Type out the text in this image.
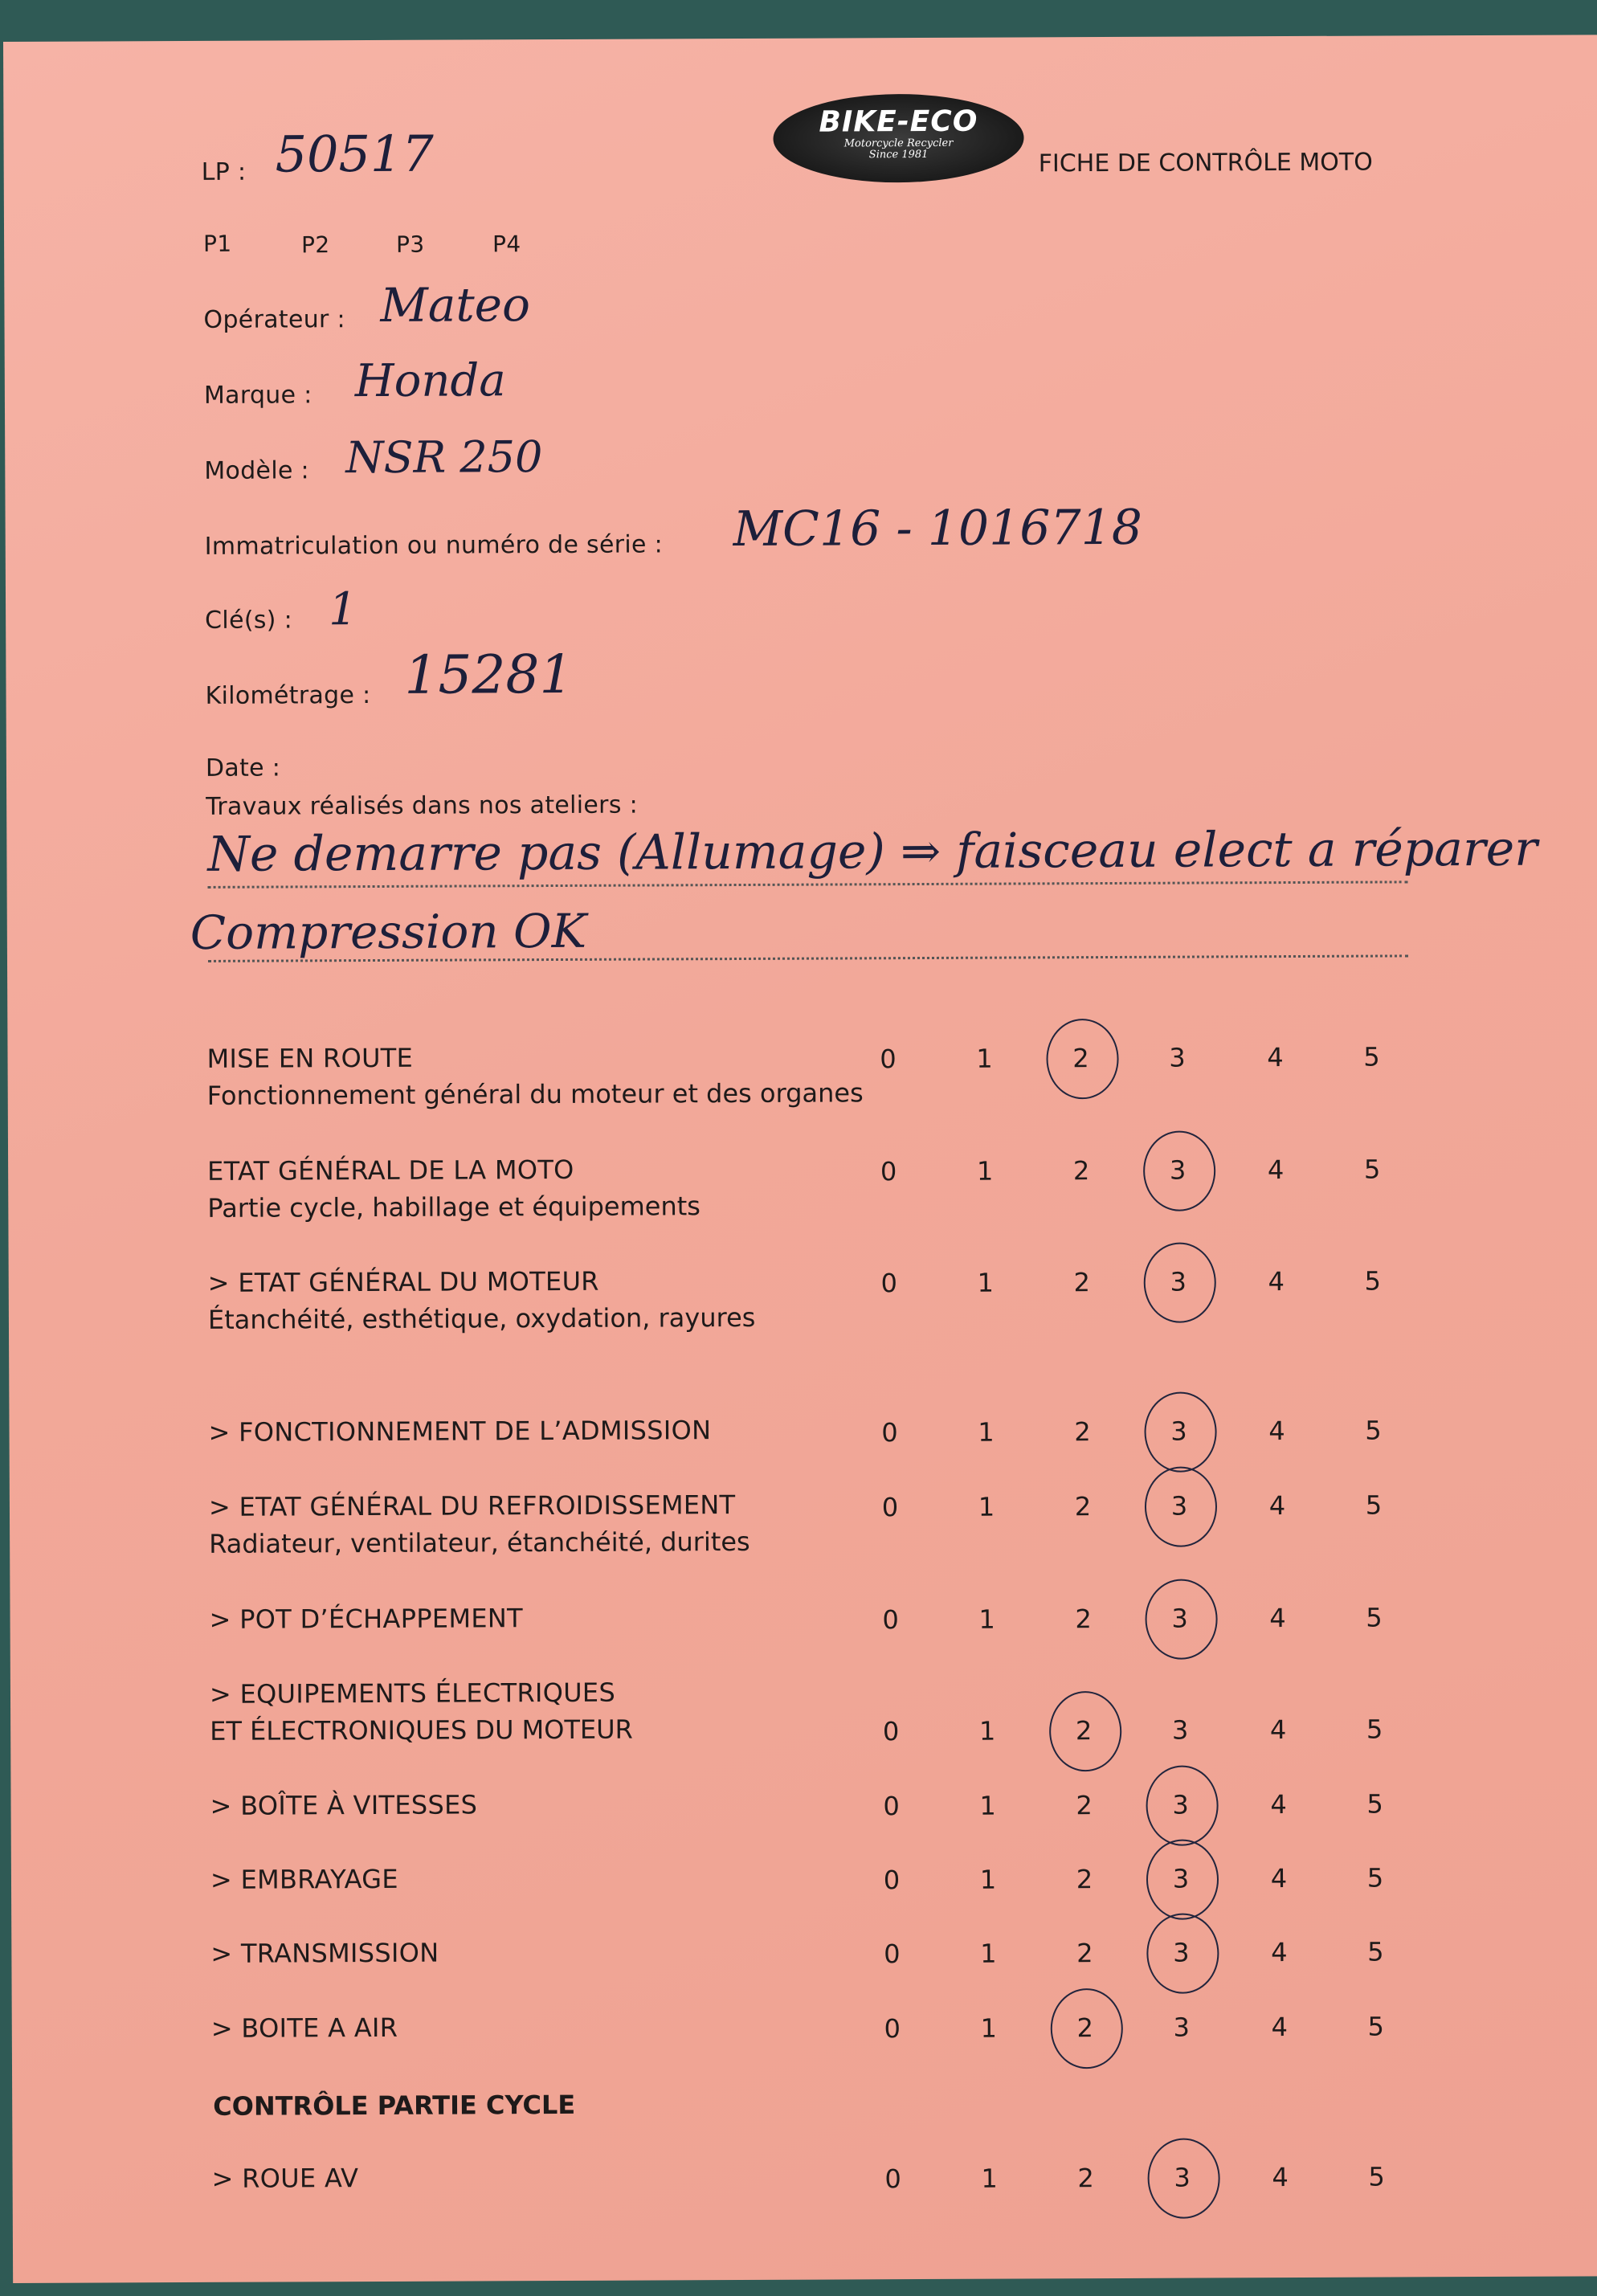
BIKE-ECO
Motorcycle Recycler
Since 1981	FICHE DE CONTRÔLE MOTO
LP : 50517
P1	P2	P3	P4
Opérateur : Mateo
Marque : Honda
Modèle : NSR 250
Immatriculation ou numéro de série : MC16 - 1016718
Clé(s) : 1
Kilométrage : 15281
Date :
Travaux réalisés dans nos ateliers :
Ne demarre pas (Allumage) ⇒ faisceau elect a réparer
Compression OK
MISE EN ROUTE
Fonctionnement général du moteur et des organes
0	1	2	3	4	5
ETAT GÉNÉRAL DE LA MOTO
Partie cycle, habillage et équipements
0	1	2	3	4	5
> ETAT GÉNÉRAL DU MOTEUR
Étanchéité, esthétique, oxydation, rayures
0	1	2	3	4	5
> FONCTIONNEMENT DE L’ADMISSION	0	1	2	3	4	5
> ETAT GÉNÉRAL DU REFROIDISSEMENT
Radiateur, ventilateur, étanchéité, durites
0	1	2	3	4	5
> POT D’ÉCHAPPEMENT	0	1	2	3	4	5
> EQUIPEMENTS ÉLECTRIQUES
ET ÉLECTRONIQUES DU MOTEUR	0	1	2	3	4	5
> BOÎTE À VITESSES	0	1	2	3	4	5
> EMBRAYAGE	0	1	2	3	4	5
> TRANSMISSION	0	1	2	3	4	5
> BOITE A AIR	0	1	2	3	4	5
CONTRÔLE PARTIE CYCLE
> ROUE AV	0	1	2	3	4	5
